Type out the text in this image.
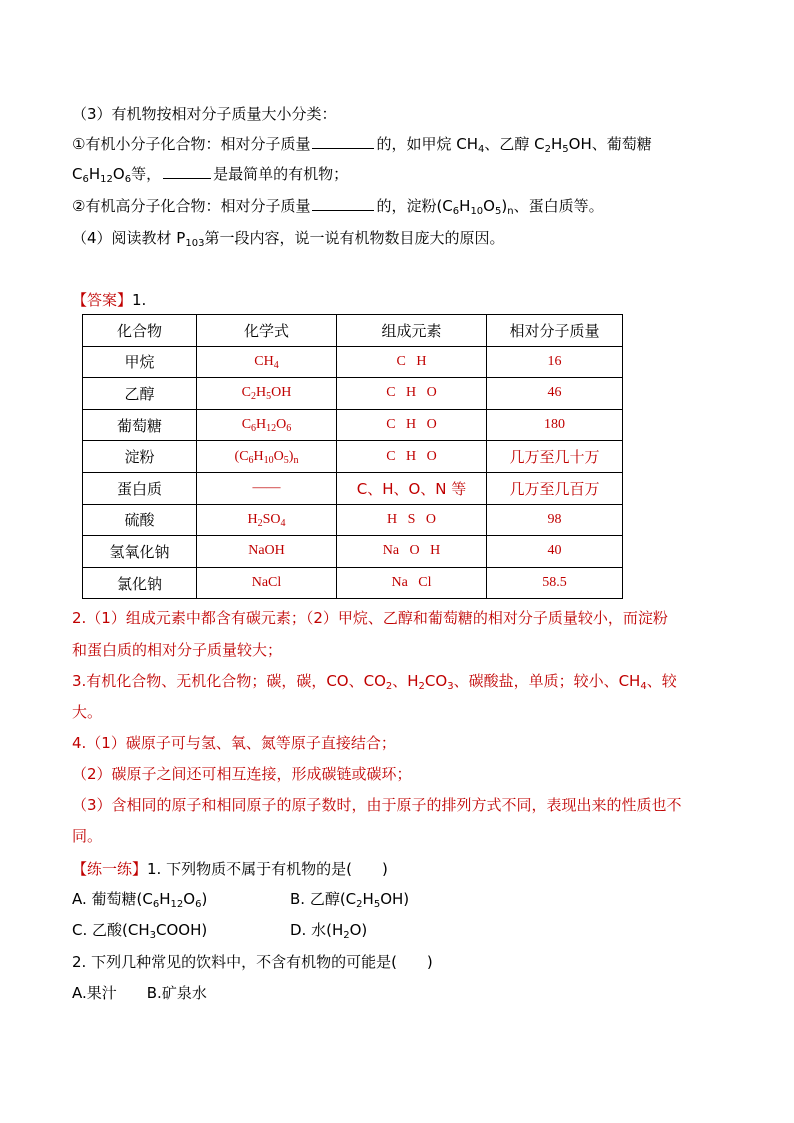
（3）有机物按相对分子质量大小分类：
①有机小分子化合物：相对分子质量	的，如甲烷 $CH_4$、乙醇 $C_2H_5OH$、葡萄糖
$C_6H_{12}O_6$等，	是最简单的有机物；
②有机高分子化合物：相对分子质量	的，淀粉$(C_6H_{10}O_5)_n$、蛋白质等。
（4）阅读教材 $P_{103}$第一段内容，说一说有机物数目庞大的原因。
【答案】1.
化合物	化学式	组成元素	相对分子质量
甲烷	$CH_4$	C   H	16
乙醇	$C_2H_5OH$	C   H   O	46
葡萄糖	$C_6H_{12}O_6$	C   H   O	180
淀粉	$(C_6H_{10}O_5)_n$	C   H   O	几万至几十万
蛋白质	——	C、H、O、N 等	几万至几百万
硫酸	$H_2SO_4$	H   S   O	98
氢氧化钠	NaOH	Na   O   H	40
氯化钠	NaCl	Na   Cl	58.5
2.（1）组成元素中都含有碳元素；（2）甲烷、乙醇和葡萄糖的相对分子质量较小，而淀粉
和蛋白质的相对分子质量较大；
3.有机化合物、无机化合物；碳，碳，CO、$CO_2$、$H_2CO_3$、碳酸盐，单质；较小、$CH_4$、较
大。
4.（1）碳原子可与氢、氧、氮等原子直接结合；
（2）碳原子之间还可相互连接，形成碳链或碳环；
（3）含相同的原子和相同原子的原子数时，由于原子的排列方式不同，表现出来的性质也不
同。
【练一练】1. 下列物质不属于有机物的是(　　)
A. 葡萄糖$(C_6H_{12}O_6)$	B. 乙醇$(C_2H_5OH)$
C. 乙酸$(CH_3COOH)$	D. 水$(H_2O)$
2. 下列几种常见的饮料中，不含有机物的可能是(　　)
A.果汁　　B.矿泉水
